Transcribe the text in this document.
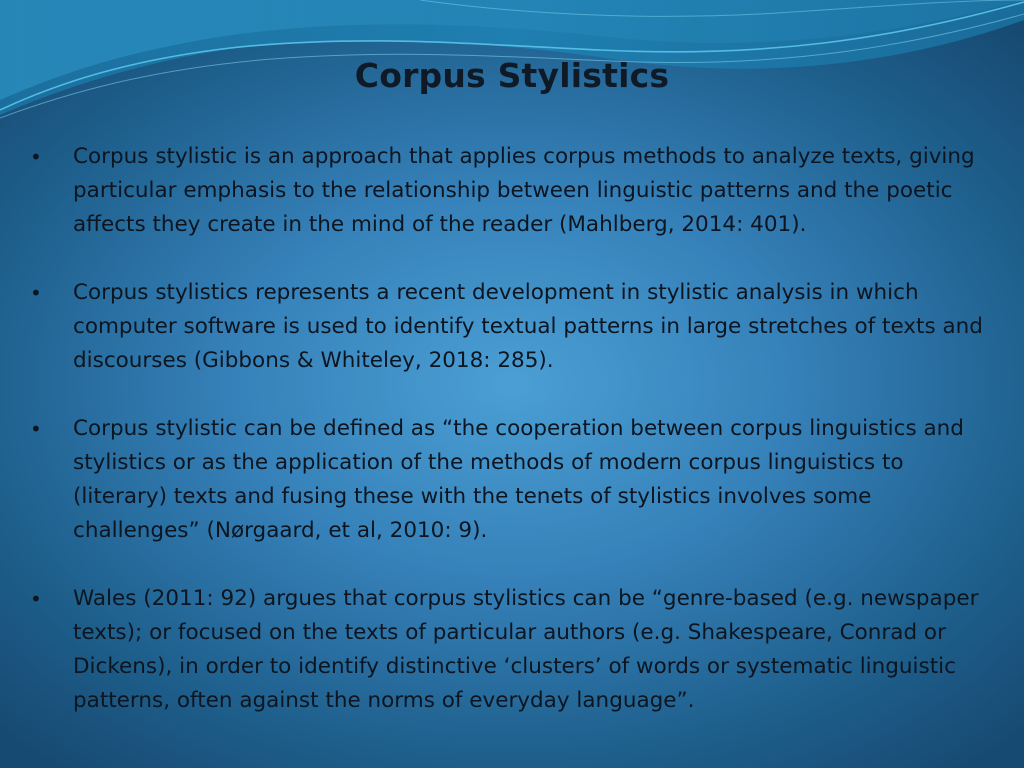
Corpus Stylistics
•	Corpus stylistic is an approach that applies corpus methods to analyze texts, giving particular emphasis to the relationship between linguistic patterns and the poetic affects they create in the mind of the reader (Mahlberg, 2014: 401).
•	Corpus stylistics represents a recent development in stylistic analysis in which computer software is used to identify textual patterns in large stretches of texts and discourses (Gibbons & Whiteley, 2018: 285).
•	Corpus stylistic can be defined as “the cooperation between corpus linguistics and stylistics or as the application of the methods of modern corpus linguistics to (literary) texts and fusing these with the tenets of stylistics involves some challenges” (Nørgaard, et al, 2010: 9).
•	Wales (2011: 92) argues that corpus stylistics can be “genre-based (e.g. newspaper texts); or focused on the texts of particular authors (e.g. Shakespeare, Conrad or Dickens), in order to identify distinctive ‘clusters’ of words or systematic linguistic patterns, often against the norms of everyday language”.
